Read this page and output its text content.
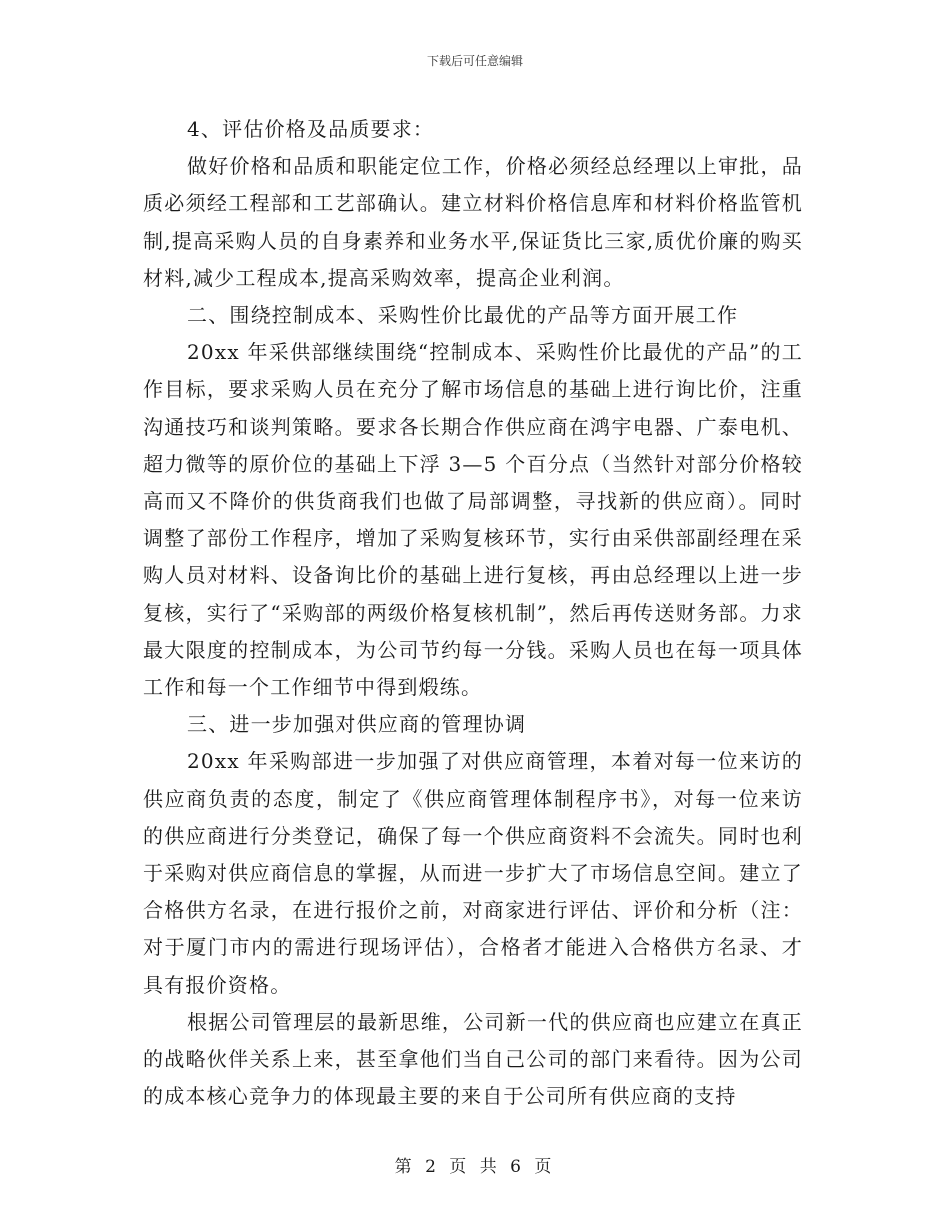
下载后可任意编辑

4、评估价格及品质要求：

做好价格和品质和职能定位工作，价格必须经总经理以上审批，品质必须经工程部和工艺部确认。建立材料价格信息库和材料价格监管机制,提高采购人员的自身素养和业务水平,保证货比三家,质优价廉的购买材料,减少工程成本,提高采购效率，提高企业利润。

二、围绕控制成本、采购性价比最优的产品等方面开展工作

20xx 年采供部继续围绕“控制成本、采购性价比最优的产品”的工作目标，要求采购人员在充分了解市场信息的基础上进行询比价，注重沟通技巧和谈判策略。要求各长期合作供应商在鸿宇电器、广泰电机、超力微等的原价位的基础上下浮 3—5 个百分点（当然针对部分价格较高而又不降价的供货商我们也做了局部调整，寻找新的供应商）。同时调整了部份工作程序，增加了采购复核环节，实行由采供部副经理在采购人员对材料、设备询比价的基础上进行复核，再由总经理以上进一步复核，实行了“采购部的两级价格复核机制”，然后再传送财务部。力求最大限度的控制成本，为公司节约每一分钱。采购人员也在每一项具体工作和每一个工作细节中得到煅练。

三、进一步加强对供应商的管理协调

20xx 年采购部进一步加强了对供应商管理，本着对每一位来访的供应商负责的态度，制定了《供应商管理体制程序书》，对每一位来访的供应商进行分类登记，确保了每一个供应商资料不会流失。同时也利于采购对供应商信息的掌握，从而进一步扩大了市场信息空间。建立了合格供方名录，在进行报价之前，对商家进行评估、评价和分析（注：对于厦门市内的需进行现场评估），合格者才能进入合格供方名录、才具有报价资格。

根据公司管理层的最新思维，公司新一代的供应商也应建立在真正的战略伙伴关系上来，甚至拿他们当自己公司的部门来看待。因为公司的成本核心竞争力的体现最主要的来自于公司所有供应商的支持

第 2 页 共 6 页
